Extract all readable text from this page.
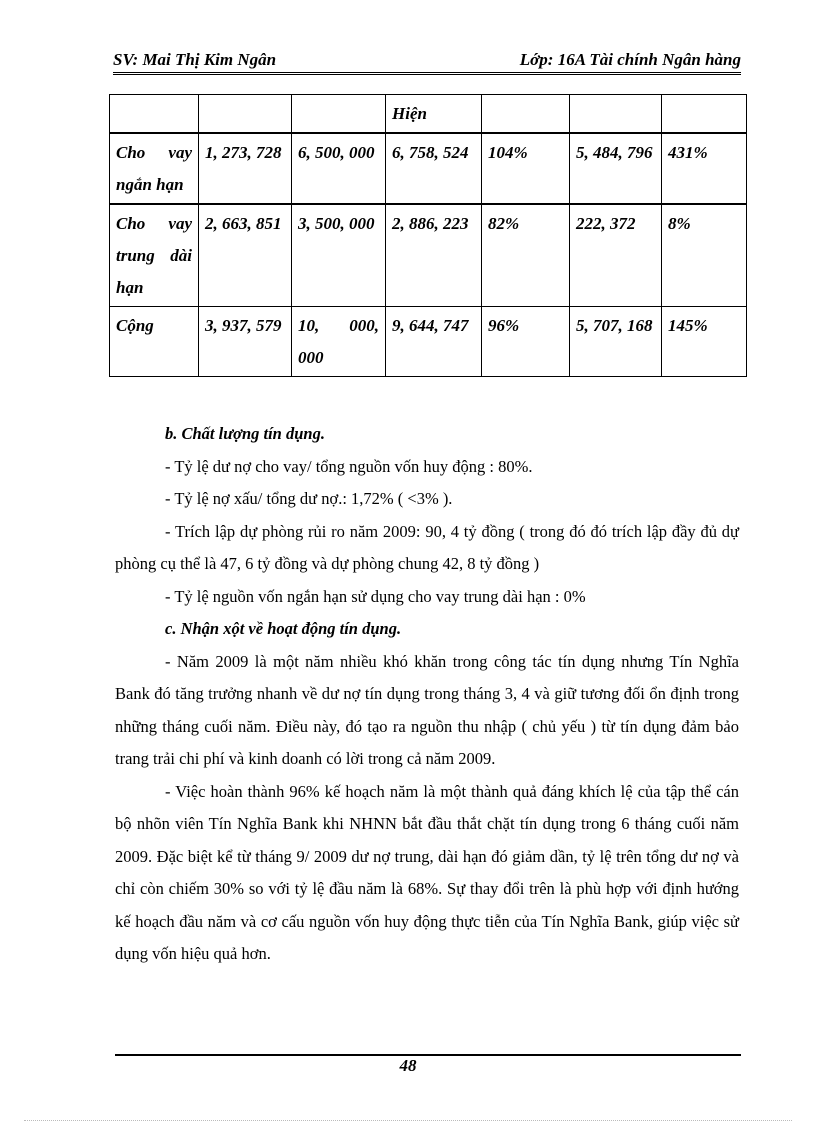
SV: Mai Thị Kim Ngân	Lớp: 16A Tài chính Ngân hàng
			Hiện			
Cho vay ngắn hạn	1, 273, 728	6, 500, 000	6, 758, 524	104%	5, 484, 796	431%
Cho vay trung dài hạn	2, 663, 851	3, 500, 000	2, 886, 223	82%	222, 372	8%
Cộng	3, 937, 579	10, 000, 000	9, 644, 747	96%	5, 707, 168	145%

b. Chất lượng tín dụng.

- Tỷ lệ dư nợ cho vay/ tổng nguồn vốn huy động : 80%.

- Tỷ lệ nợ xấu/ tổng dư nợ.: 1,72% ( <3% ).

- Trích lập dự phòng rủi ro năm 2009: 90, 4 tỷ đồng ( trong đó đó trích lập đầy đủ dự phòng cụ thể là 47, 6 tỷ đồng và dự phòng chung 42, 8 tỷ đồng )

- Tỷ lệ nguồn vốn ngắn hạn sử dụng cho vay trung dài hạn : 0%

c. Nhận xột về hoạt động tín dụng.

- Năm 2009 là một năm nhiều khó khăn trong công tác tín dụng nhưng Tín Nghĩa Bank đó tăng trưởng nhanh về dư nợ tín dụng trong tháng 3, 4 và giữ tương đối ổn định trong những tháng cuối năm. Điều này, đó tạo ra nguồn thu nhập ( chủ yếu ) từ tín dụng đảm bảo trang trải chi phí và kinh doanh có lời trong cả năm 2009.

- Việc hoàn thành 96% kế hoạch năm là một thành quả đáng khích lệ của tập thể cán bộ nhõn viên Tín Nghĩa Bank khi NHNN bắt đầu thắt chặt tín dụng trong 6 tháng cuối năm 2009. Đặc biệt kể từ tháng 9/ 2009 dư nợ trung, dài hạn đó giảm dần, tỷ lệ trên tổng dư nợ và chỉ còn chiếm 30% so với tỷ lệ đầu năm là 68%. Sự thay đổi trên là phù hợp với định hướng kế hoạch đầu năm và cơ cấu nguồn vốn huy động thực tiễn của Tín Nghĩa Bank, giúp việc sử dụng vốn hiệu quả hơn.

48
